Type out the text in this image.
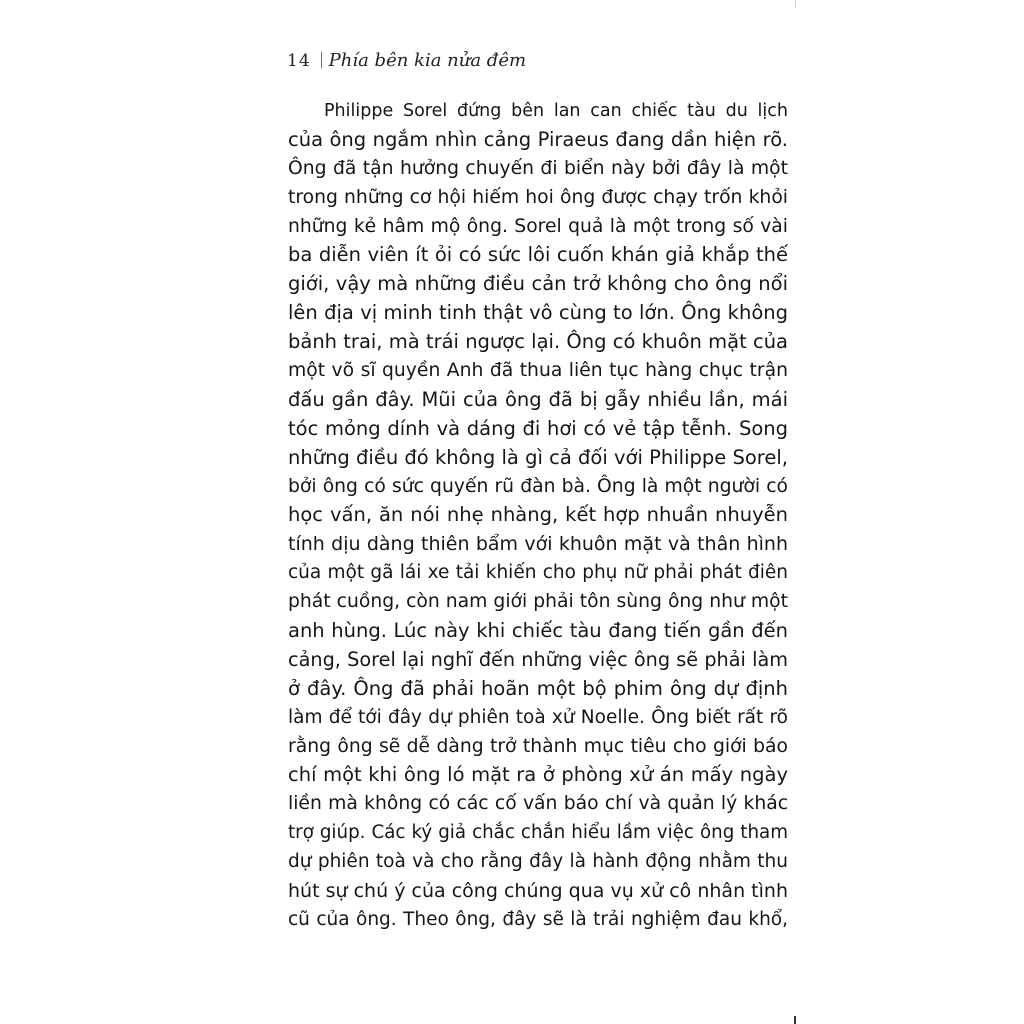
14 Phía bên kia nửa đêm
Philippe Sorel đứng bên lan can chiếc tàu du lịch
của ông ngắm nhìn cảng Piraeus đang dần hiện rõ.
Ông đã tận hưởng chuyến đi biển này bởi đây là một
trong những cơ hội hiếm hoi ông được chạy trốn khỏi
những kẻ hâm mộ ông. Sorel quả là một trong số vài
ba diễn viên ít ỏi có sức lôi cuốn khán giả khắp thế
giới, vậy mà những điều cản trở không cho ông nổi
lên địa vị minh tinh thật vô cùng to lớn. Ông không
bảnh trai, mà trái ngược lại. Ông có khuôn mặt của
một võ sĩ quyền Anh đã thua liên tục hàng chục trận
đấu gần đây. Mũi của ông đã bị gẫy nhiều lần, mái
tóc mỏng dính và dáng đi hơi có vẻ tập tễnh. Song
những điều đó không là gì cả đối với Philippe Sorel,
bởi ông có sức quyến rũ đàn bà. Ông là một người có
học vấn, ăn nói nhẹ nhàng, kết hợp nhuần nhuyễn
tính dịu dàng thiên bẩm với khuôn mặt và thân hình
của một gã lái xe tải khiến cho phụ nữ phải phát điên
phát cuồng, còn nam giới phải tôn sùng ông như một
anh hùng. Lúc này khi chiếc tàu đang tiến gần đến
cảng, Sorel lại nghĩ đến những việc ông sẽ phải làm
ở đây. Ông đã phải hoãn một bộ phim ông dự định
làm để tới đây dự phiên toà xử Noelle. Ông biết rất rõ
rằng ông sẽ dễ dàng trở thành mục tiêu cho giới báo
chí một khi ông ló mặt ra ở phòng xử án mấy ngày
liền mà không có các cố vấn báo chí và quản lý khác
trợ giúp. Các ký giả chắc chắn hiểu lầm việc ông tham
dự phiên toà và cho rằng đây là hành động nhằm thu
hút sự chú ý của công chúng qua vụ xử cô nhân tình
cũ của ông. Theo ông, đây sẽ là trải nghiệm đau khổ,
